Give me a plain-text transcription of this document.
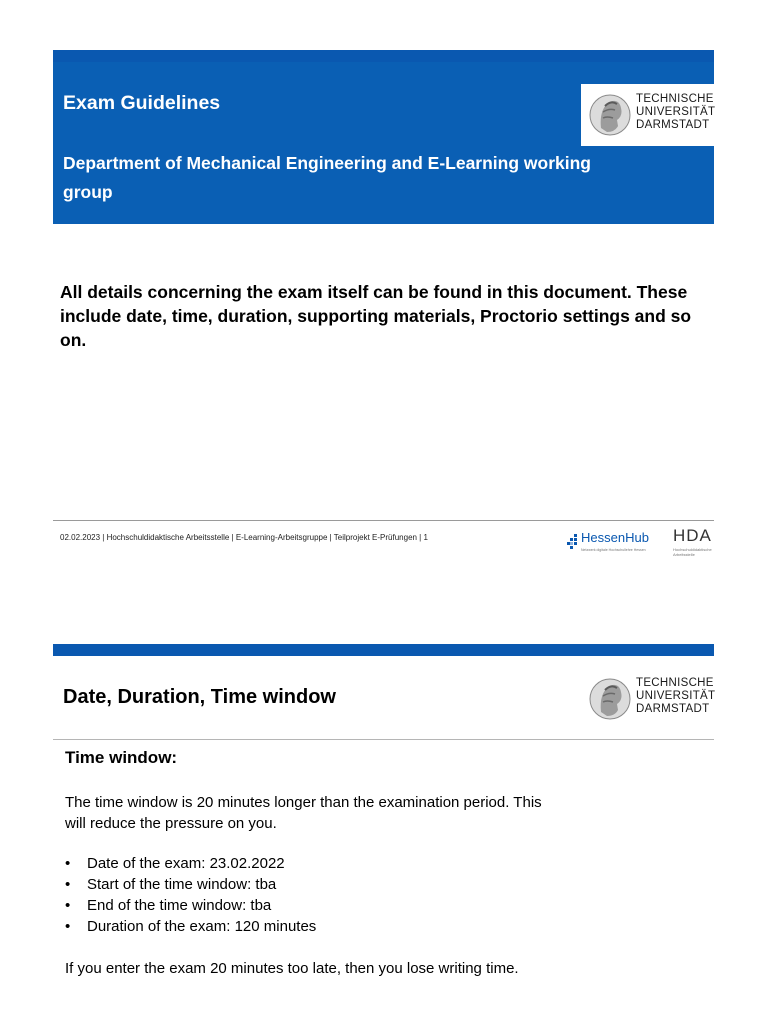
Exam Guidelines
Department of Mechanical Engineering and E-Learning working group
TECHNISCHE
UNIVERSITÄT
DARMSTADT
All details concerning the exam itself can be found in this document. These include date, time, duration, supporting materials, Proctorio settings and so on.
02.02.2023 | Hochschuldidaktische Arbeitsstelle | E-Learning-Arbeitsgruppe | Teilprojekt E-Prüfungen | 1	HessenHub
Netzwerk digitale Hochschullehre Hessen
HDA
Hochschuldidaktische Arbeitsstelle
Date, Duration, Time window
TECHNISCHE
UNIVERSITÄT
DARMSTADT
Time window:
The time window is 20 minutes longer than the examination period. This will reduce the pressure on you.
• Date of the exam: 23.02.2022
• Start of the time window: tba
• End of the time window: tba
• Duration of the exam: 120 minutes
If you enter the exam 20 minutes too late, then you lose writing time.
